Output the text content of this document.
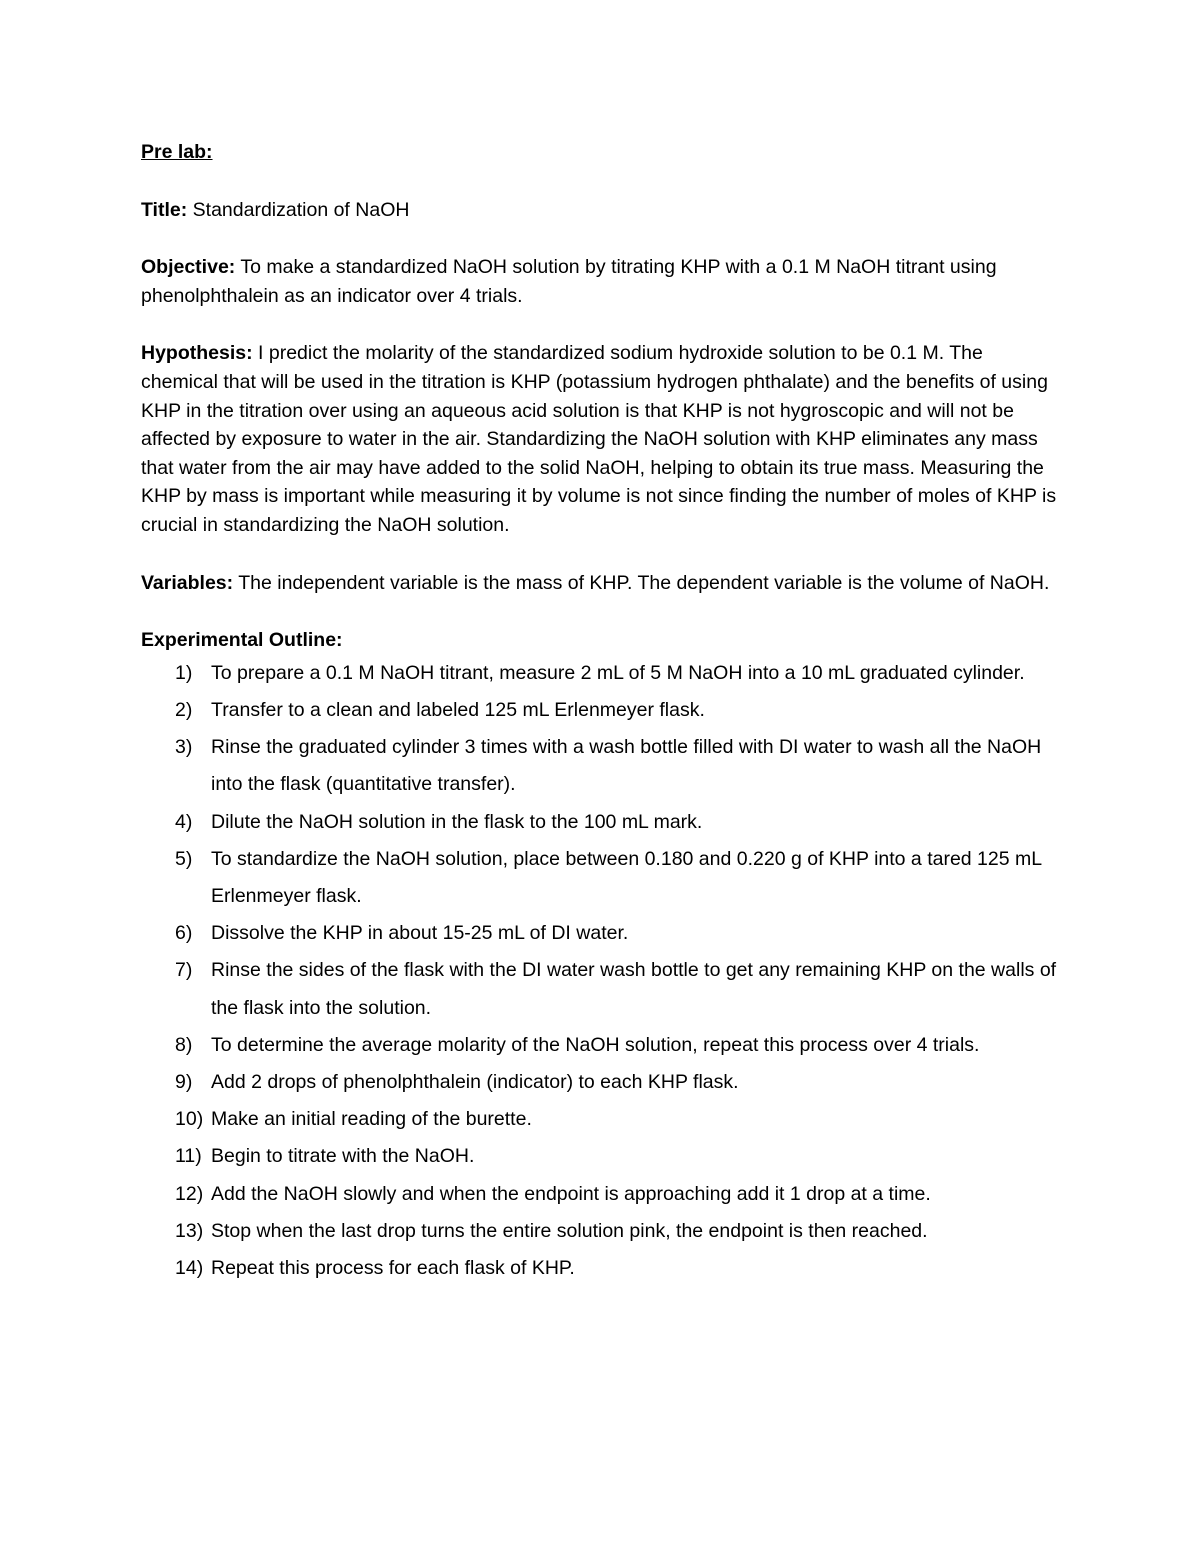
Pre lab:
Title: Standardization of NaOH
Objective: To make a standardized NaOH solution by titrating KHP with a 0.1 M NaOH titrant using phenolphthalein as an indicator over 4 trials.
Hypothesis: I predict the molarity of the standardized sodium hydroxide solution to be 0.1 M. The chemical that will be used in the titration is KHP (potassium hydrogen phthalate) and the benefits of using KHP in the titration over using an aqueous acid solution is that KHP is not hygroscopic and will not be affected by exposure to water in the air. Standardizing the NaOH solution with KHP eliminates any mass that water from the air may have added to the solid NaOH, helping to obtain its true mass. Measuring the KHP by mass is important while measuring it by volume is not since finding the number of moles of KHP is crucial in standardizing the NaOH solution.
Variables: The independent variable is the mass of KHP. The dependent variable is the volume of NaOH.
Experimental Outline:
1) To prepare a 0.1 M NaOH titrant, measure 2 mL of 5 M NaOH into a 10 mL graduated cylinder.
2) Transfer to a clean and labeled 125 mL Erlenmeyer flask.
3) Rinse the graduated cylinder 3 times with a wash bottle filled with DI water to wash all the NaOH into the flask (quantitative transfer).
4) Dilute the NaOH solution in the flask to the 100 mL mark.
5) To standardize the NaOH solution, place between 0.180 and 0.220 g of KHP into a tared 125 mL Erlenmeyer flask.
6) Dissolve the KHP in about 15-25 mL of DI water.
7) Rinse the sides of the flask with the DI water wash bottle to get any remaining KHP on the walls of the flask into the solution.
8) To determine the average molarity of the NaOH solution, repeat this process over 4 trials.
9) Add 2 drops of phenolphthalein (indicator) to each KHP flask.
10) Make an initial reading of the burette.
11) Begin to titrate with the NaOH.
12) Add the NaOH slowly and when the endpoint is approaching add it 1 drop at a time.
13) Stop when the last drop turns the entire solution pink, the endpoint is then reached.
14) Repeat this process for each flask of KHP.
